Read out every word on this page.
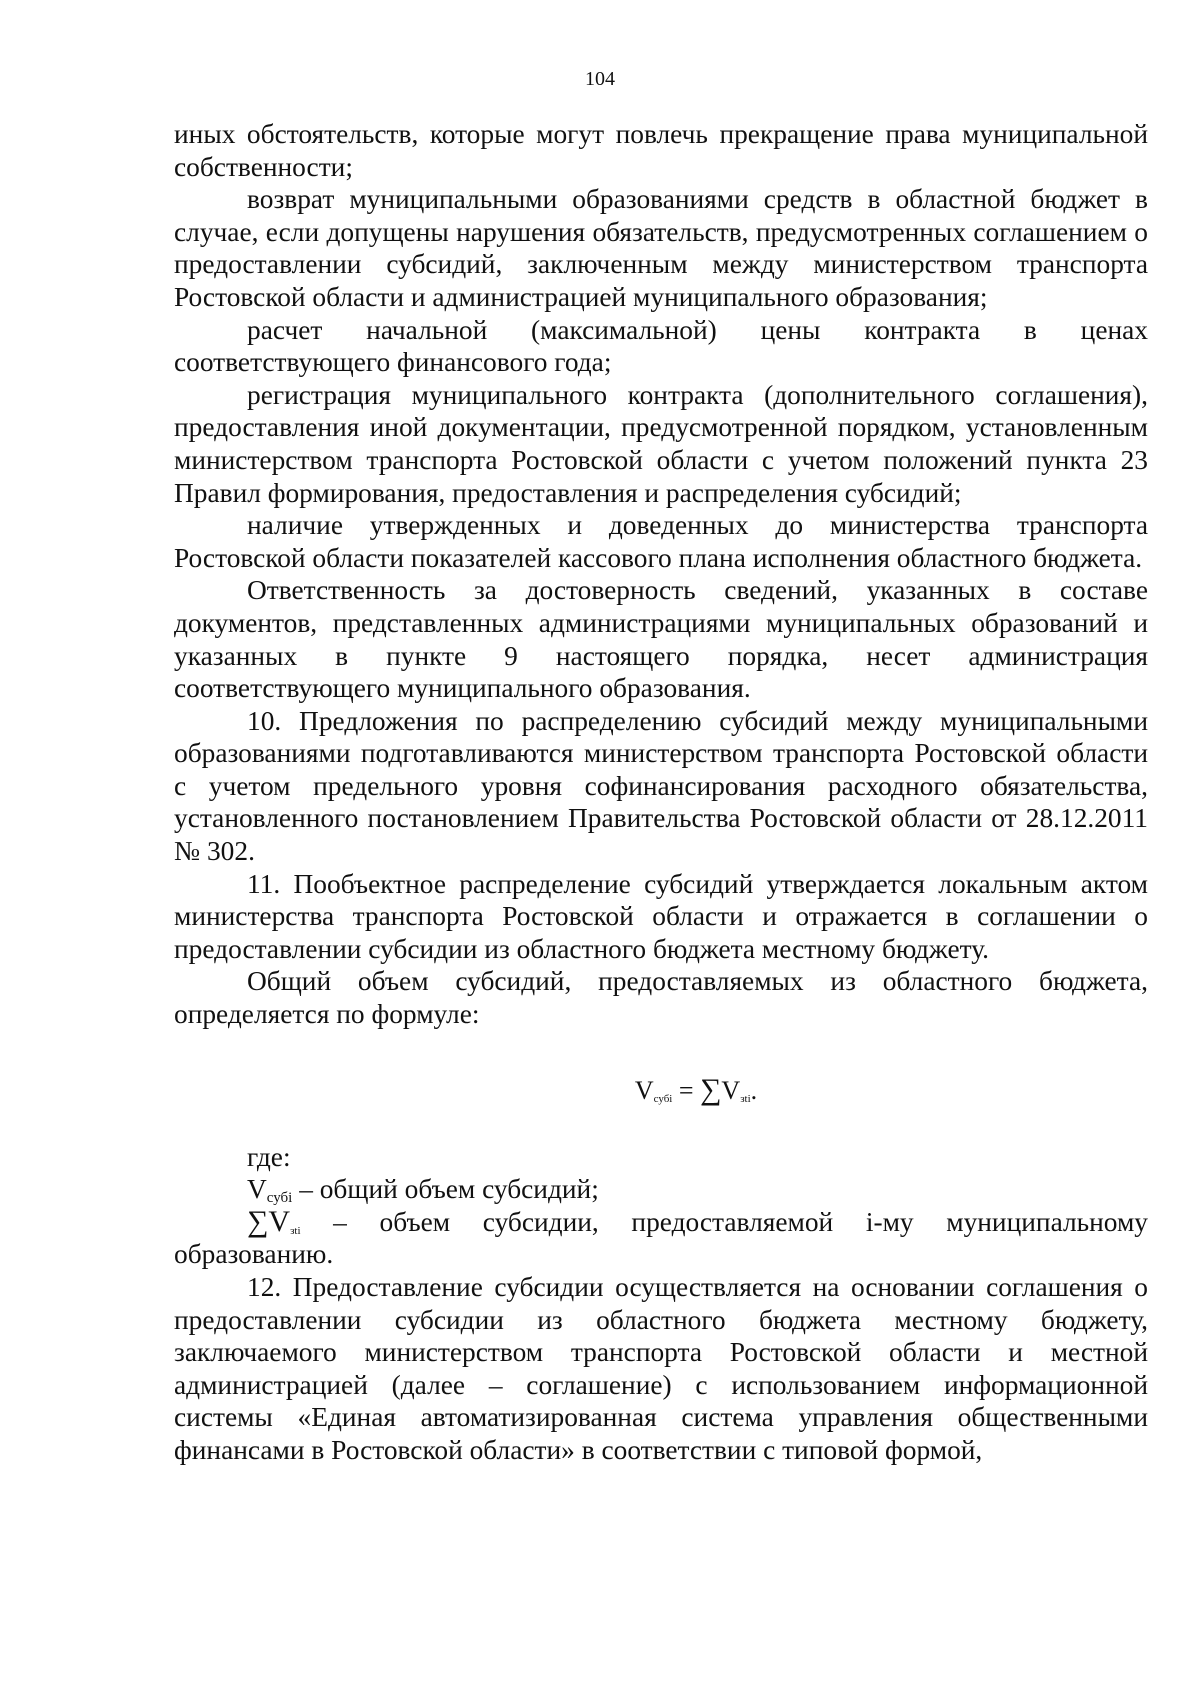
104

иных обстоятельств, которые могут повлечь прекращение права муниципальной собственности;

возврат муниципальными образованиями средств в областной бюджет в случае, если допущены нарушения обязательств, предусмотренных соглашением о предоставлении субсидий, заключенным между министерством транспорта Ростовской области и администрацией муниципального образования;

расчет начальной (максимальной) цены контракта в ценах соответствующего финансового года;

регистрация муниципального контракта (дополнительного соглашения), предоставления иной документации, предусмотренной порядком, установленным министерством транспорта Ростовской области с учетом положений пункта 23 Правил формирования, предоставления и распределения субсидий;

наличие утвержденных и доведенных до министерства транспорта Ростовской области показателей кассового плана исполнения областного бюджета.

Ответственность за достоверность сведений, указанных в составе документов, представленных администрациями муниципальных образований и указанных в пункте 9 настоящего порядка, несет администрация соответствующего муниципального образования.

10. Предложения по распределению субсидий между муниципальными образованиями подготавливаются министерством транспорта Ростовской области с учетом предельного уровня софинансирования расходного обязательства, установленного постановлением Правительства Ростовской области от 28.12.2011 № 302.

11. Пообъектное распределение субсидий утверждается локальным актом министерства транспорта Ростовской области и отражается в соглашении о предоставлении субсидии из областного бюджета местному бюджету.

Общий объем субсидий, предоставляемых из областного бюджета, определяется по формуле:

$V_{субi} = \sum V_{зti}$.

где:

$V_{субi}$ – общий объем субсидий;

$\sum V_{зti}$ – объем субсидии, предоставляемой i-му муниципальному образованию.

12. Предоставление субсидии осуществляется на основании соглашения о предоставлении субсидии из областного бюджета местному бюджету, заключаемого министерством транспорта Ростовской области и местной администрацией (далее – соглашение) с использованием информационной системы «Единая автоматизированная система управления общественными финансами в Ростовской области» в соответствии с типовой формой,
